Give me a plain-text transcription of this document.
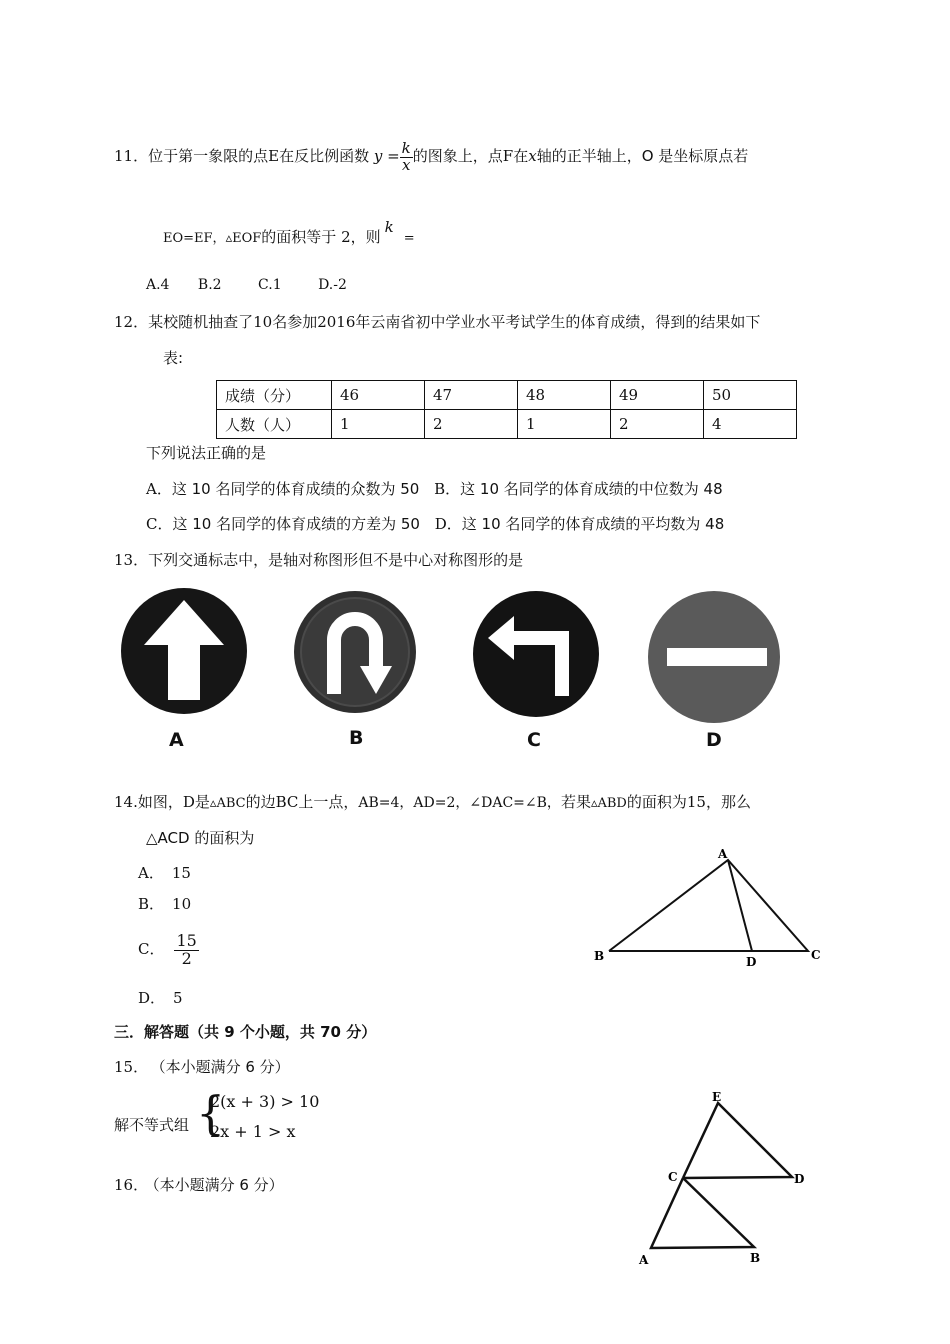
11．位于第一象限的点E在反比例函数 $y = \frac{k}{x}$ 的图象上，点F在x轴的正半轴上，O 是坐标原点若
EO=EF，▵EOF的面积等于 2，则k=
A.4 B.2	C.1	D.-2
12．某校随机抽查了10名参加2016年云南省初中学业水平考试学生的体育成绩，得到的结果如下
表:
成绩（分）	46	47	48	49	50
人数（人）	1	2	1	2	4
下列说法正确的是
A．这 10 名同学的体育成绩的众数为 50 B．这 10 名同学的体育成绩的中位数为 48
C．这 10 名同学的体育成绩的方差为 50 D．这 10 名同学的体育成绩的平均数为 48
13．下列交通标志中，是轴对称图形但不是中心对称图形的是
A	B	C	D
14.如图，D是▵ABC的边BC上一点，AB=4，AD=2，∠DAC=∠B，若果▵ABD的面积为15，那么
△ACD 的面积为
A． 15
B． 10
C． $\frac{15}{2}$
D． 5
A
B	D	C
三．解答题（共 9 个小题，共 70 分）
15． （本小题满分 6 分）
解不等式组 {
2(x + 3) > 10
2x + 1 > x
16． （本小题满分 6 分）
E
C	D
A	B
